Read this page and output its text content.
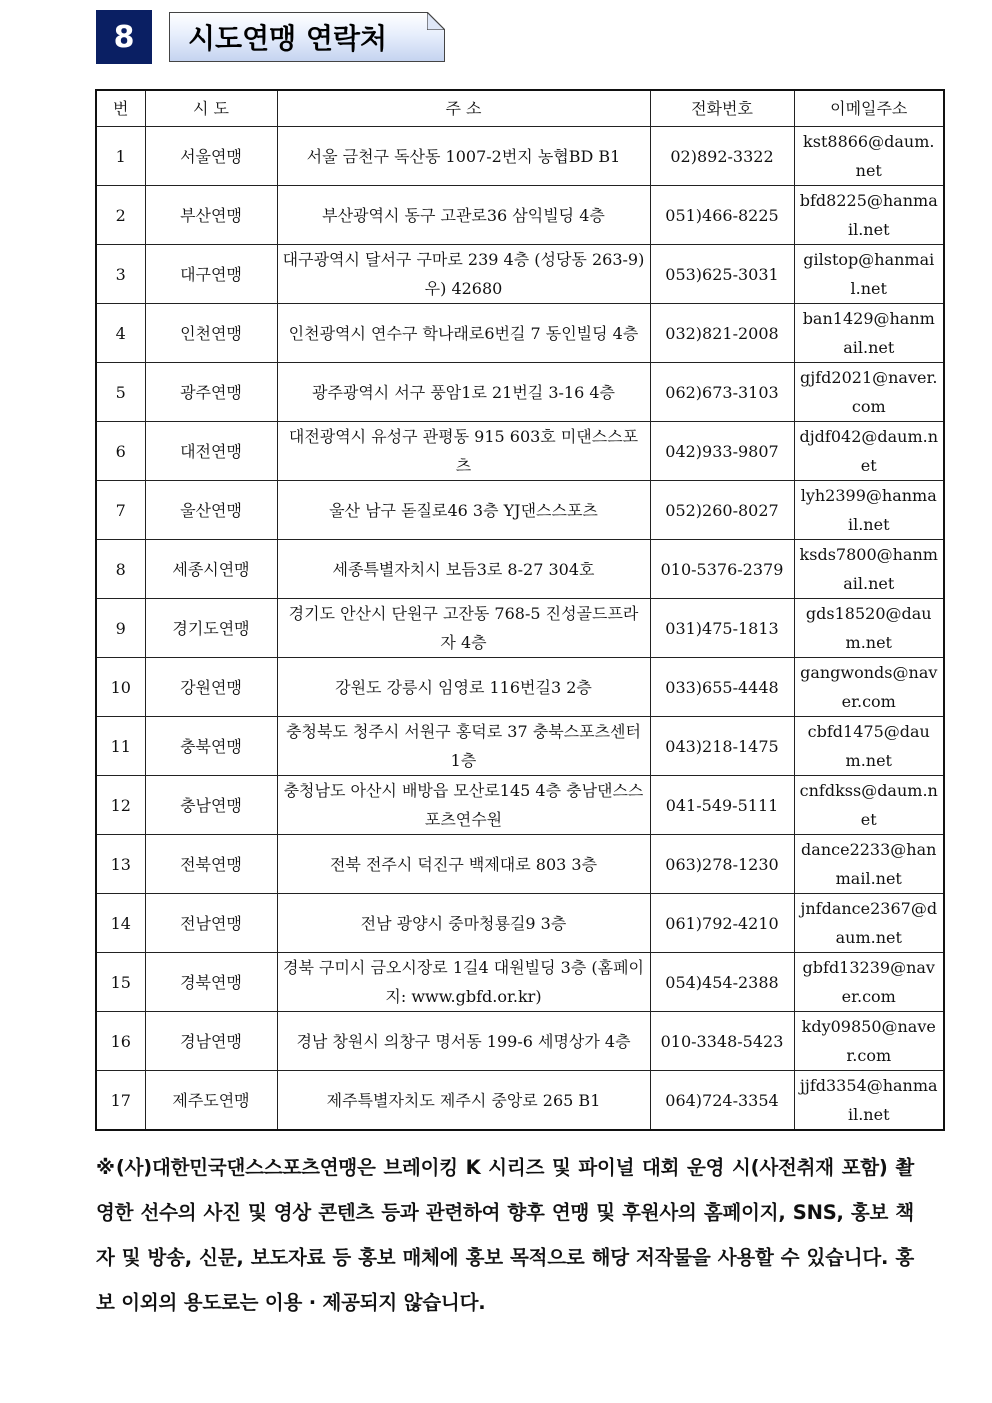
8	시도연맹 연락처
번	시 도	주 소	전화번호	이메일주소
1	서울연맹	서울 금천구 독산동 1007-2번지 농협BD B1	02)892-3322	kst8866@daum.net
2	부산연맹	부산광역시 동구 고관로36 삼익빌딩 4층	051)466-8225	bfd8225@hanmail.net
3	대구연맹	대구광역시 달서구 구마로 239 4층 (성당동 263-9) 우) 42680	053)625-3031	gilstop@hanmail.net
4	인천연맹	인천광역시 연수구 학나래로6번길 7 동인빌딩 4층	032)821-2008	ban1429@hanmail.net
5	광주연맹	광주광역시 서구 풍암1로 21번길 3-16 4층	062)673-3103	gjfd2021@naver.com
6	대전연맹	대전광역시 유성구 관평동 915 603호 미댄스스포츠	042)933-9807	djdf042@daum.net
7	울산연맹	울산 남구 돋질로46 3층 YJ댄스스포츠	052)260-8027	lyh2399@hanmail.net
8	세종시연맹	세종특별자치시 보듬3로 8-27 304호	010-5376-2379	ksds7800@hanmail.net
9	경기도연맹	경기도 안산시 단원구 고잔동 768-5 진성골드프라자 4층	031)475-1813	gds18520@daum.net
10	강원연맹	강원도 강릉시 임영로 116번길3 2층	033)655-4448	gangwonds@naver.com
11	충북연맹	충청북도 청주시 서원구 홍덕로 37 충북스포츠센터 1층	043)218-1475	cbfd1475@daum.net
12	충남연맹	충청남도 아산시 배방읍 모산로145 4층 충남댄스스포츠연수원	041-549-5111	cnfdkss@daum.net
13	전북연맹	전북 전주시 덕진구 백제대로 803 3층	063)278-1230	dance2233@hanmail.net
14	전남연맹	전남 광양시 중마청룡길9 3층	061)792-4210	jnfdance2367@daum.net
15	경북연맹	경북 구미시 금오시장로 1길4 대원빌딩 3층 (홈페이지: www.gbfd.or.kr)	054)454-2388	gbfd13239@naver.com
16	경남연맹	경남 창원시 의창구 명서동 199-6 세명상가 4층	010-3348-5423	kdy09850@naver.com
17	제주도연맹	제주특별자치도 제주시 중앙로 265 B1	064)724-3354	jjfd3354@hanmail.net
※(사)대한민국댄스스포츠연맹은 브레이킹 K 시리즈 및 파이널 대회 운영 시(사전취재 포함) 촬영한 선수의 사진 및 영상 콘텐츠 등과 관련하여 향후 연맹 및 후원사의 홈페이지, SNS, 홍보 책자 및 방송, 신문, 보도자료 등 홍보 매체에 홍보 목적으로 해당 저작물을 사용할 수 있습니다. 홍보 이외의 용도로는 이용 · 제공되지 않습니다.
